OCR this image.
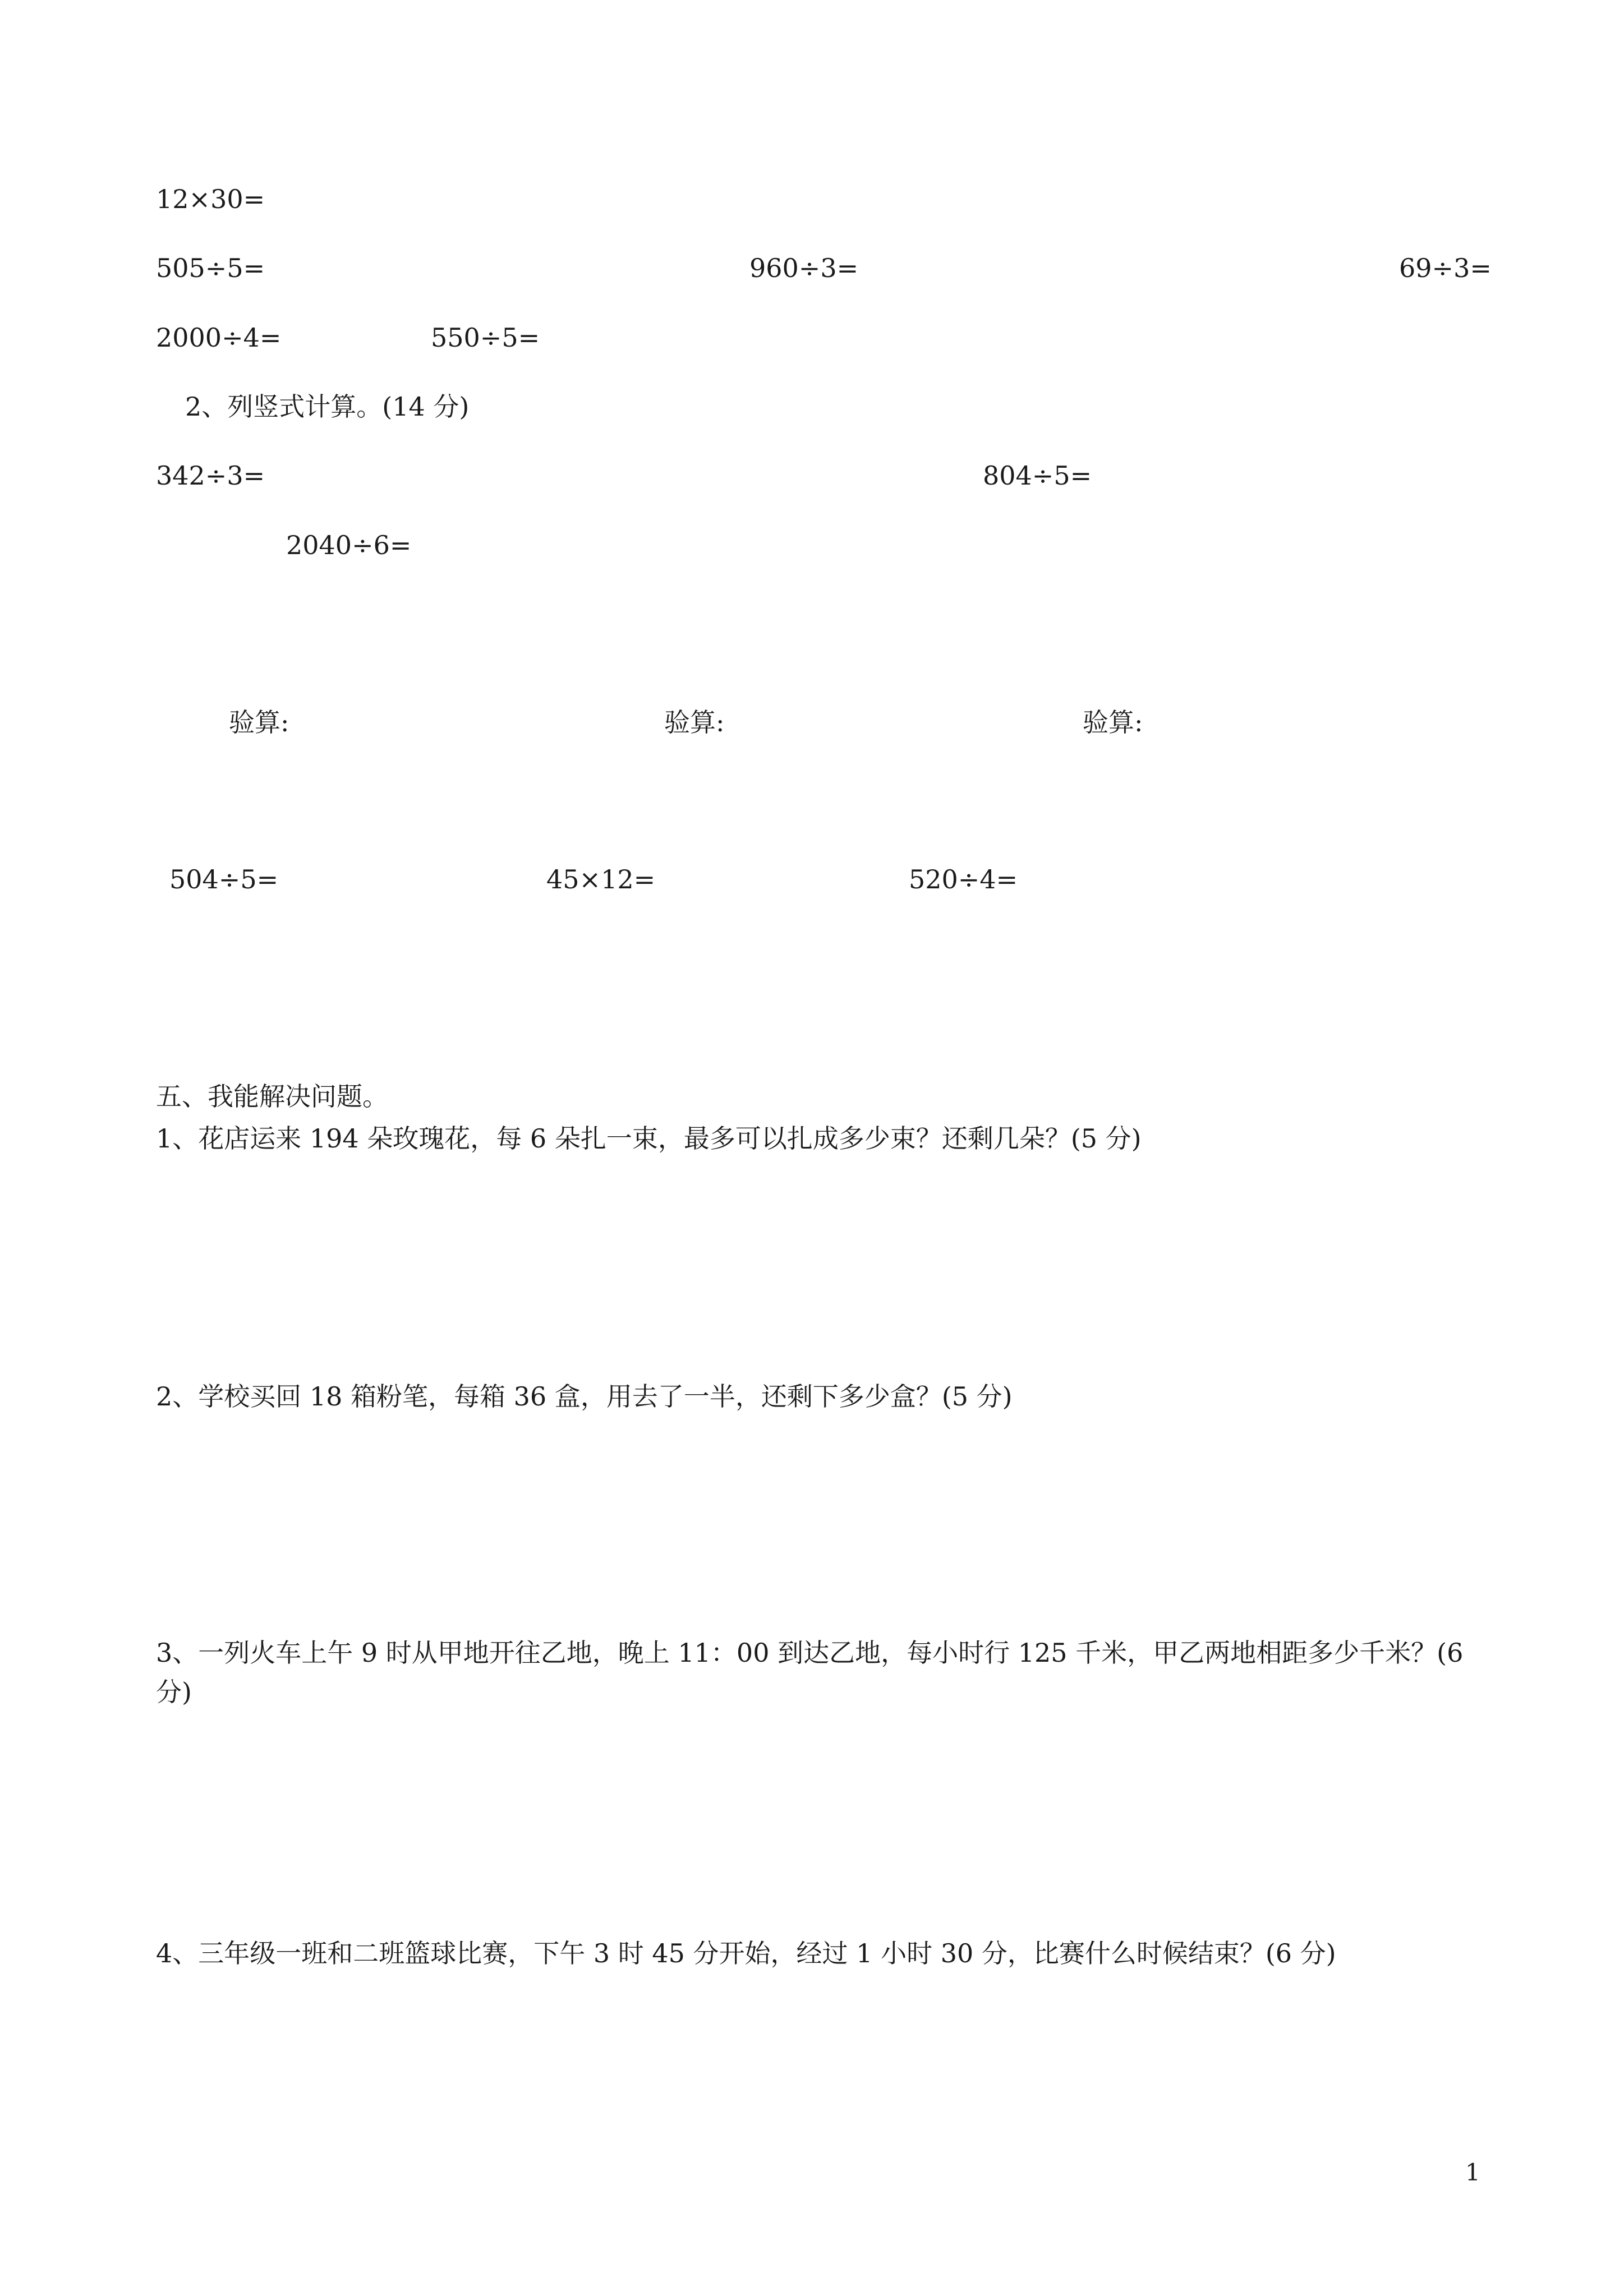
12×30=
505÷5=	960÷3=	69÷3=
2000÷4=	550÷5=
2、列竖式计算。(14 分)
342÷3=	804÷5=
2040÷6=
验算:	验算:	验算:
504÷5=	45×12=	520÷4=
五、我能解决问题。
1、花店运来 194 朵玫瑰花，每 6 朵扎一束，最多可以扎成多少束？还剩几朵？(5 分)
2、学校买回 18 箱粉笔，每箱 36 盒，用去了一半，还剩下多少盒？(5 分)
3、一列火车上午 9 时从甲地开往乙地，晚上 11：00 到达乙地，每小时行 125 千米，甲乙两地相距多少千米？(6 分)
4、三年级一班和二班篮球比赛，下午 3 时 45 分开始，经过 1 小时 30 分，比赛什么时候结束？(6 分)
1
